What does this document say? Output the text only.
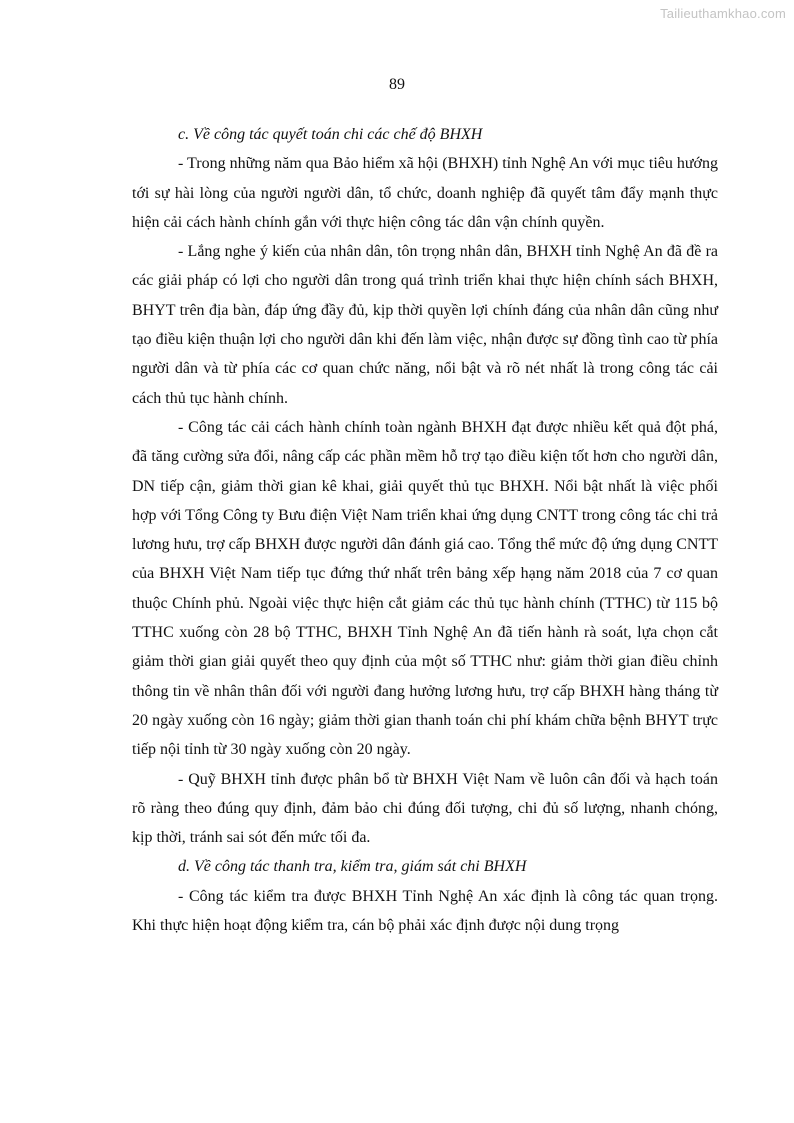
Tailieuthamkhao.com
89

c. Về công tác quyết toán chi các chế độ BHXH

- Trong những năm qua Bảo hiểm xã hội (BHXH) tỉnh Nghệ An với mục tiêu hướng tới sự hài lòng của người người dân, tổ chức, doanh nghiệp đã quyết tâm đẩy mạnh thực hiện cải cách hành chính gắn với thực hiện công tác dân vận chính quyền.

- Lắng nghe ý kiến của nhân dân, tôn trọng nhân dân, BHXH tỉnh Nghệ An đã đề ra các giải pháp có lợi cho người dân trong quá trình triển khai thực hiện chính sách BHXH, BHYT trên địa bàn, đáp ứng đầy đủ, kịp thời quyền lợi chính đáng của nhân dân cũng như tạo điều kiện thuận lợi cho người dân khi đến làm việc, nhận được sự đồng tình cao từ phía người dân và từ phía các cơ quan chức năng, nổi bật và rõ nét nhất là trong công tác cải cách thủ tục hành chính.

- Công tác cải cách hành chính toàn ngành BHXH đạt được nhiều kết quả đột phá, đã tăng cường sửa đổi, nâng cấp các phần mềm hỗ trợ tạo điều kiện tốt hơn cho người dân, DN tiếp cận, giảm thời gian kê khai, giải quyết thủ tục BHXH. Nổi bật nhất là việc phối hợp với Tổng Công ty Bưu điện Việt Nam triển khai ứng dụng CNTT trong công tác chi trả lương hưu, trợ cấp BHXH được người dân đánh giá cao. Tổng thể mức độ ứng dụng CNTT của BHXH Việt Nam tiếp tục đứng thứ nhất trên bảng xếp hạng năm 2018 của 7 cơ quan thuộc Chính phủ. Ngoài việc thực hiện cắt giảm các thủ tục hành chính (TTHC) từ 115 bộ TTHC xuống còn 28 bộ TTHC, BHXH Tỉnh Nghệ An đã tiến hành rà soát, lựa chọn cắt giảm thời gian giải quyết theo quy định của một số TTHC như: giảm thời gian điều chỉnh thông tin về nhân thân đối với người đang hưởng lương hưu, trợ cấp BHXH hàng tháng từ 20 ngày xuống còn 16 ngày; giảm thời gian thanh toán chi phí khám chữa bệnh BHYT trực tiếp nội tỉnh từ 30 ngày xuống còn 20 ngày.

- Quỹ BHXH tỉnh được phân bổ từ BHXH Việt Nam về luôn cân đối và hạch toán rõ ràng theo đúng quy định, đảm bảo chi đúng đối tượng, chi đủ số lượng, nhanh chóng, kịp thời, tránh sai sót đến mức tối đa.

d. Về công tác thanh tra, kiểm tra, giám sát chi BHXH

- Công tác kiểm tra được BHXH Tỉnh Nghệ An xác định là công tác quan trọng. Khi thực hiện hoạt động kiểm tra, cán bộ phải xác định được nội dung trọng
